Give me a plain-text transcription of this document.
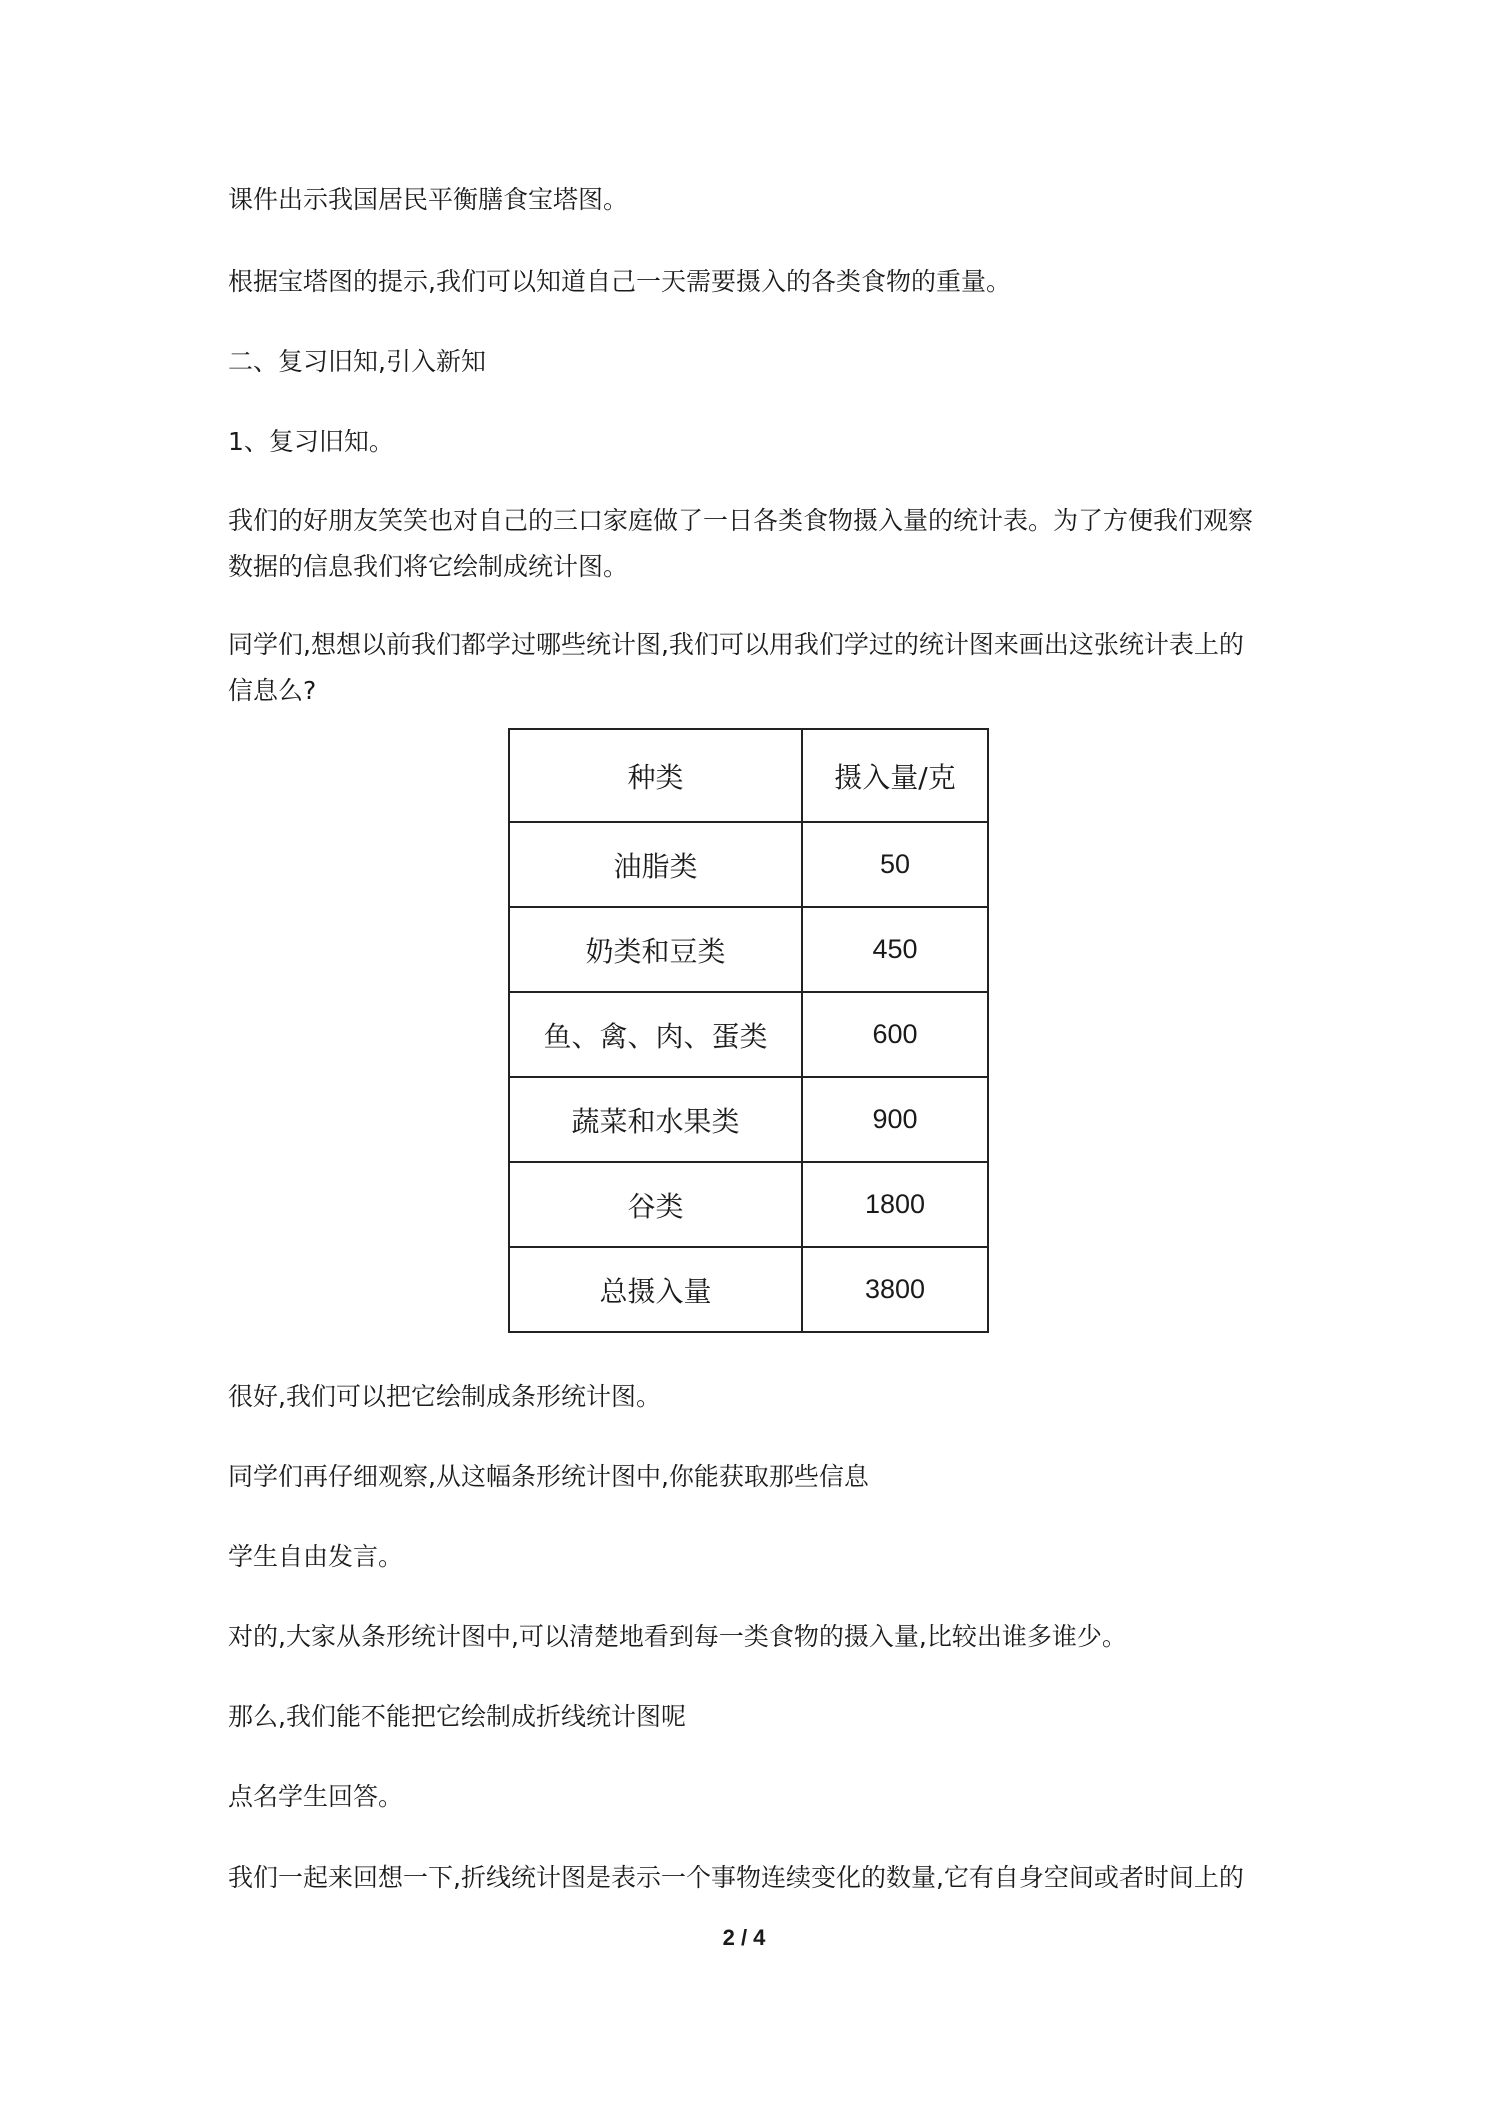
课件出示我国居民平衡膳食宝塔图。

根据宝塔图的提示,我们可以知道自己一天需要摄入的各类食物的重量。

二、复习旧知,引入新知

1、复习旧知。

我们的好朋友笑笑也对自己的三口家庭做了一日各类食物摄入量的统计表。为了方便我们观察数据的信息我们将它绘制成统计图。

同学们,想想以前我们都学过哪些统计图,我们可以用我们学过的统计图来画出这张统计表上的信息么?

种类	摄入量/克
油脂类	50
奶类和豆类	450
鱼、禽、肉、蛋类	600
蔬菜和水果类	900
谷类	1800
总摄入量	3800

很好,我们可以把它绘制成条形统计图。

同学们再仔细观察,从这幅条形统计图中,你能获取那些信息

学生自由发言。

对的,大家从条形统计图中,可以清楚地看到每一类食物的摄入量,比较出谁多谁少。

那么,我们能不能把它绘制成折线统计图呢

点名学生回答。

我们一起来回想一下,折线统计图是表示一个事物连续变化的数量,它有自身空间或者时间上的

2 / 4
